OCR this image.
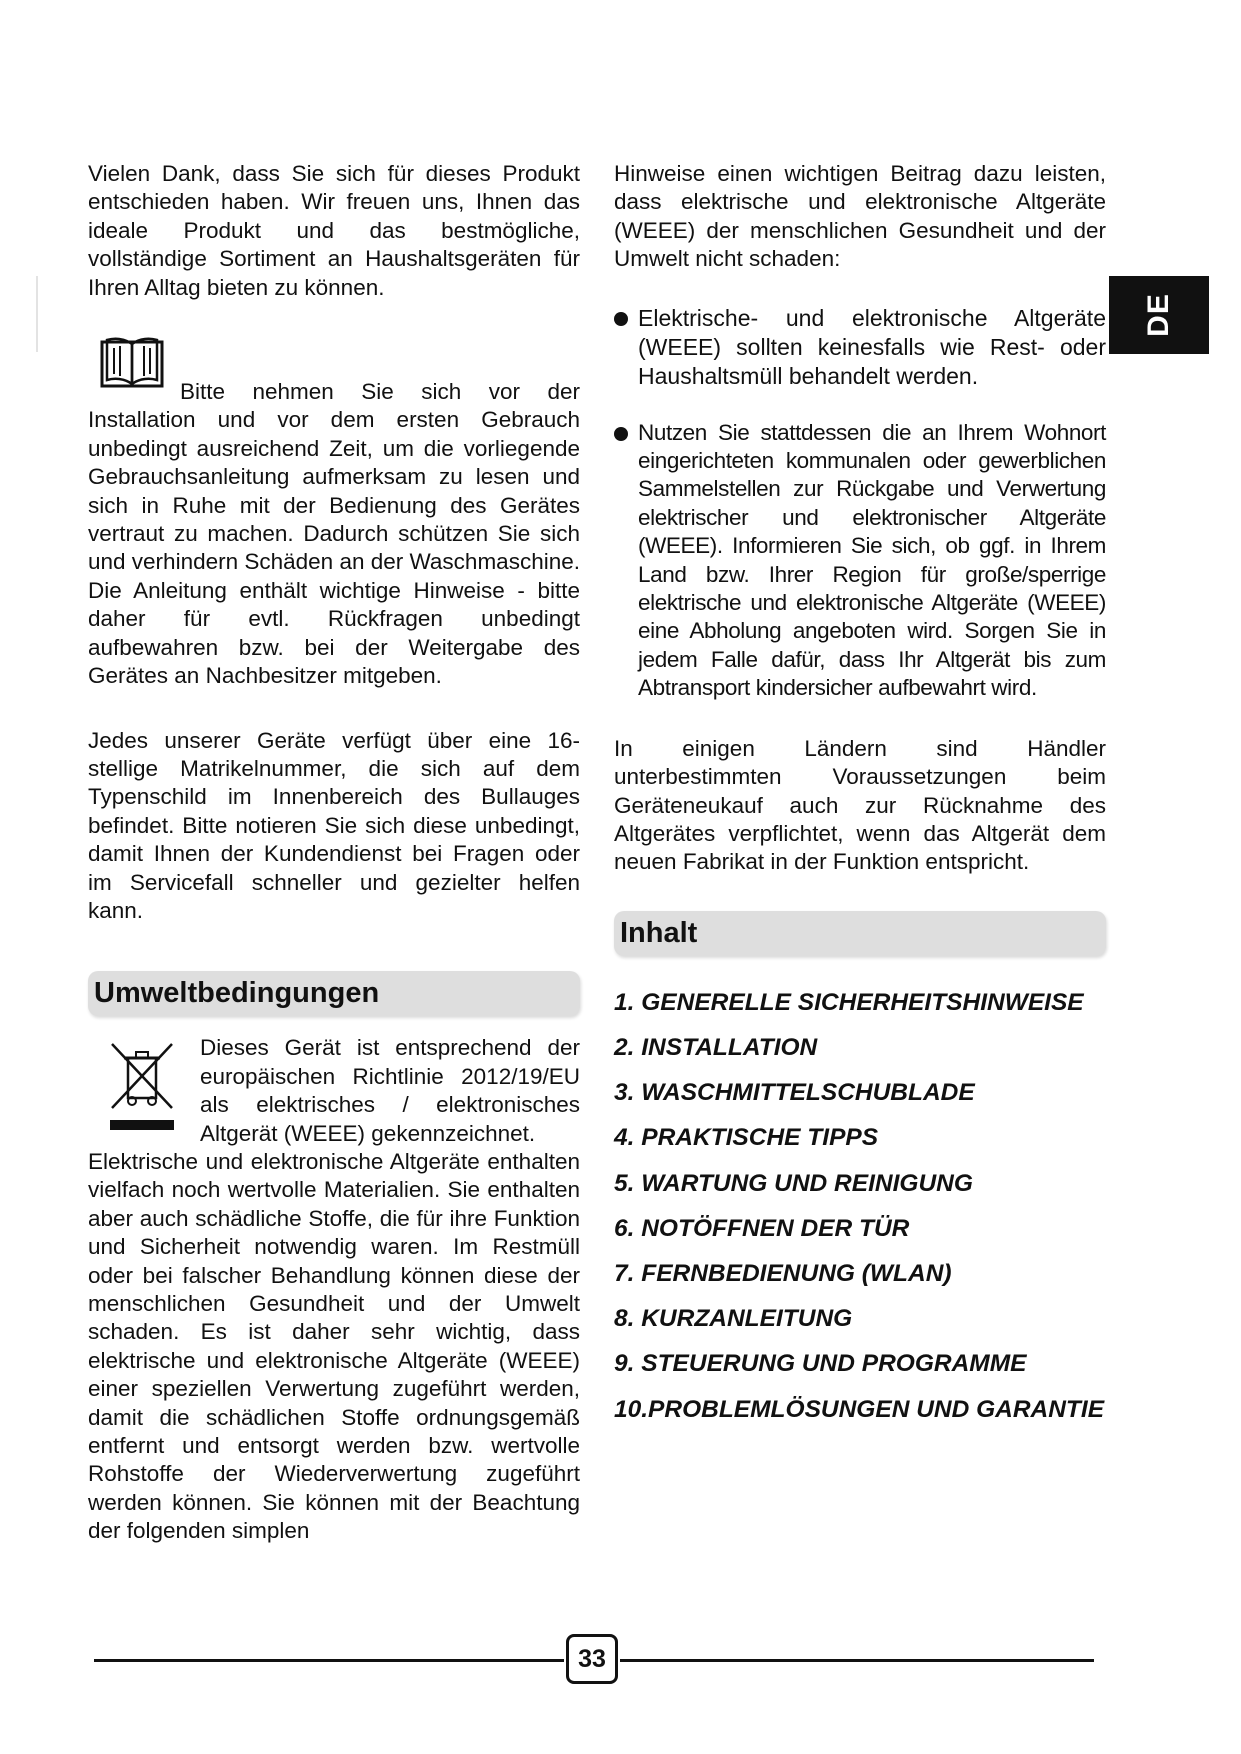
Vielen Dank, dass Sie sich für dieses Produkt entschieden haben. Wir freuen uns, Ihnen das ideale Produkt und das bestmögliche, vollständige Sortiment an Haushaltsgeräten für Ihren Alltag bieten zu können.

Bitte nehmen Sie sich vor der Installation und vor dem ersten Gebrauch unbedingt ausreichend Zeit, um die vorliegende Gebrauchsanleitung aufmerksam zu lesen und sich in Ruhe mit der Bedienung des Gerätes vertraut zu machen. Dadurch schützen Sie sich und verhindern Schäden an der Waschmaschine. Die Anleitung enthält wichtige Hinweise - bitte daher für evtl. Rückfragen unbedingt aufbewahren bzw. bei der Weitergabe des Gerätes an Nachbesitzer mitgeben.

Jedes unserer Geräte verfügt über eine 16-stellige Matrikelnummer, die sich auf dem Typenschild im Innenbereich des Bullauges befindet. Bitte notieren Sie sich diese unbedingt, damit Ihnen der Kundendienst bei Fragen oder im Servicefall schneller und gezielter helfen kann.

Umweltbedingungen

Dieses Gerät ist entsprechend der europäischen Richtlinie 2012/19/EU als elektrisches / elektronisches Altgerät (WEEE) gekennzeichnet.

Elektrische und elektronische Altgeräte enthalten vielfach noch wertvolle Materialien. Sie enthalten aber auch schädliche Stoffe, die für ihre Funktion und Sicherheit notwendig waren. Im Restmüll oder bei falscher Behandlung können diese der menschlichen Gesundheit und der Umwelt schaden. Es ist daher sehr wichtig, dass elektrische und elektronische Altgeräte (WEEE) einer speziellen Verwertung zugeführt werden, damit die schädlichen Stoffe ordnungsgemäß entfernt und entsorgt werden bzw. wertvolle Rohstoffe der Wiederverwertung zugeführt werden können. Sie können mit der Beachtung der folgenden simplen

Hinweise einen wichtigen Beitrag dazu leisten, dass elektrische und elektronische Altgeräte (WEEE) der menschlichen Gesundheit und der Umwelt nicht schaden:

Elektrische- und elektronische Altgeräte (WEEE) sollten keinesfalls wie Rest- oder Haushaltsmüll behandelt werden.

Nutzen Sie stattdessen die an Ihrem Wohnort eingerichteten kommunalen oder gewerblichen Sammelstellen zur Rückgabe und Verwertung elektrischer und elektronischer Altgeräte (WEEE). Informieren Sie sich, ob ggf. in Ihrem Land bzw. Ihrer Region für große/sperrige elektrische und elektronische Altgeräte (WEEE) eine Abholung angeboten wird. Sorgen Sie in jedem Falle dafür, dass Ihr Altgerät bis zum Abtransport kindersicher aufbewahrt wird.

In einigen Ländern sind Händler unterbestimmten Voraussetzungen beim Geräteneukauf auch zur Rücknahme des Altgerätes verpflichtet, wenn das Altgerät dem neuen Fabrikat in der Funktion entspricht.

Inhalt
1. GENERELLE SICHERHEITSHINWEISE
2. INSTALLATION
3. WASCHMITTELSCHUBLADE
4. PRAKTISCHE TIPPS
5. WARTUNG UND REINIGUNG
6. NOTÖFFNEN DER TÜR
7. FERNBEDIENUNG (WLAN)
8. KURZANLEITUNG
9. STEUERUNG UND PROGRAMME
10.PROBLEMLÖSUNGEN UND GARANTIE
DE
33
